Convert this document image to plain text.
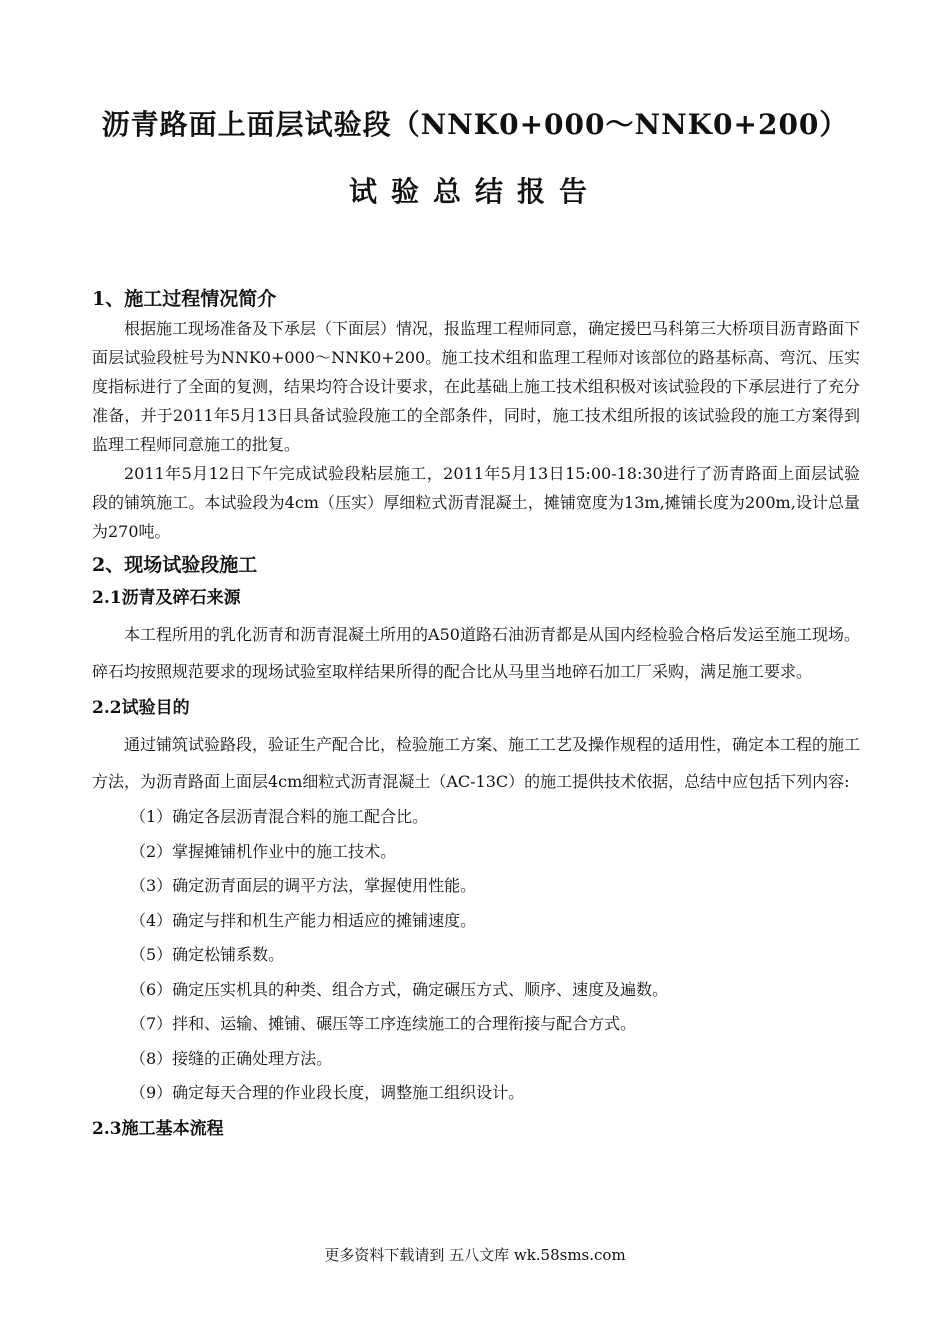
沥青路面上面层试验段（NNK0+000～NNK0+200）
试验总结报告
1、施工过程情况简介

根据施工现场准备及下承层（下面层）情况，报监理工程师同意，确定援巴马科第三大桥项目沥青路面下面层试验段桩号为NNK0+000～NNK0+200。施工技术组和监理工程师对该部位的路基标高、弯沉、压实度指标进行了全面的复测，结果均符合设计要求，在此基础上施工技术组积极对该试验段的下承层进行了充分准备，并于2011年5月13日具备试验段施工的全部条件，同时，施工技术组所报的该试验段的施工方案得到监理工程师同意施工的批复。

2011年5月12日下午完成试验段粘层施工，2011年5月13日15:00-18:30进行了沥青路面上面层试验段的铺筑施工。本试验段为4cm（压实）厚细粒式沥青混凝土，摊铺宽度为13m,摊铺长度为200m,设计总量为270吨。

2、现场试验段施工
2.1沥青及碎石来源

本工程所用的乳化沥青和沥青混凝土所用的A50道路石油沥青都是从国内经检验合格后发运至施工现场。碎石均按照规范要求的现场试验室取样结果所得的配合比从马里当地碎石加工厂采购，满足施工要求。

2.2试验目的

通过铺筑试验路段，验证生产配合比，检验施工方案、施工工艺及操作规程的适用性，确定本工程的施工方法，为沥青路面上面层4cm细粒式沥青混凝土（AC-13C）的施工提供技术依据，总结中应包括下列内容:

（1）确定各层沥青混合料的施工配合比。
（2）掌握摊铺机作业中的施工技术。
（3）确定沥青面层的调平方法，掌握使用性能。
（4）确定与拌和机生产能力相适应的摊铺速度。
（5）确定松铺系数。
（6）确定压实机具的种类、组合方式，确定碾压方式、顺序、速度及遍数。
（7）拌和、运输、摊铺、碾压等工序连续施工的合理衔接与配合方式。
（8）接缝的正确处理方法。
（9）确定每天合理的作业段长度，调整施工组织设计。
2.3施工基本流程
更多资料下载请到 五八文库 wk.58sms.com
